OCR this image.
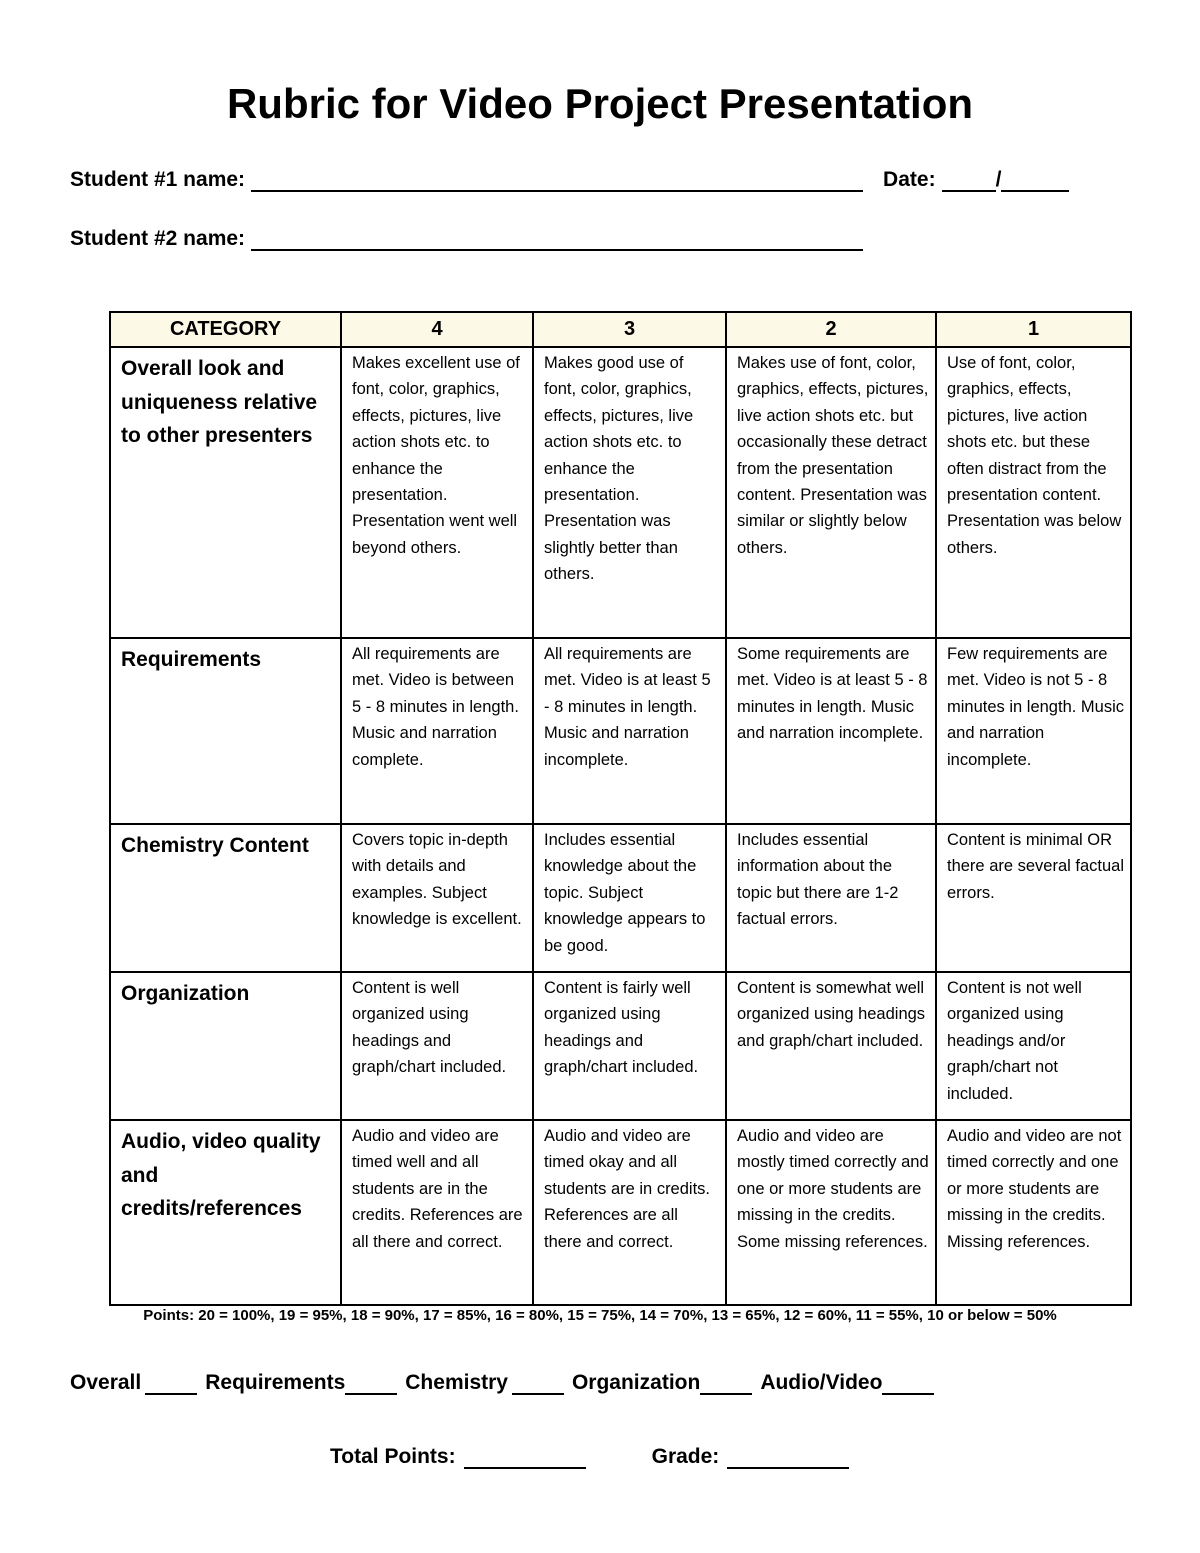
Rubric for Video Project Presentation
Student #1 name:	Date:	/
Student #2 name:
CATEGORY	4	3	2	1
Overall look and uniqueness relative to other presenters	Makes excellent use of font, color, graphics, effects, pictures, live action shots etc. to enhance the presentation. Presentation went well beyond others.	Makes good use of font, color, graphics, effects, pictures, live action shots etc. to enhance the presentation. Presentation was slightly better than others.	Makes use of font, color, graphics, effects, pictures, live action shots etc. but occasionally these detract from the presentation content. Presentation was similar or slightly below others.	Use of font, color, graphics, effects, pictures, live action shots etc. but these often distract from the presentation content. Presentation was below others.
Requirements	All requirements are met. Video is between 5 - 8 minutes in length. Music and narration complete.	All requirements are met. Video is at least 5 - 8 minutes in length. Music and narration incomplete.	Some requirements are met. Video is at least 5 - 8 minutes in length. Music and narration incomplete.	Few requirements are met. Video is not 5 - 8 minutes in length. Music and narration incomplete.
Chemistry Content	Covers topic in-depth with details and examples. Subject knowledge is excellent.	Includes essential knowledge about the topic. Subject knowledge appears to be good.	Includes essential information about the topic but there are 1-2 factual errors.	Content is minimal OR there are several factual errors.
Organization	Content is well organized using headings and graph/chart included.	Content is fairly well organized using headings and graph/chart included.	Content is somewhat well organized using headings and graph/chart included.	Content is not well organized using headings and/or graph/chart not included.
Audio, video quality and credits/references	Audio and video are timed well and all students are in the credits. References are all there and correct.	Audio and video are timed okay and all students are in credits. References are all there and correct.	Audio and video are mostly timed correctly and one or more students are missing in the credits. Some missing references.	Audio and video are not timed correctly and one or more students are missing in the credits. Missing references.
Points: 20 = 100%, 19 = 95%, 18 = 90%, 17 = 85%, 16 = 80%, 15 = 75%, 14 = 70%, 13 = 65%, 12 = 60%, 11 = 55%, 10 or below = 50%
Overall	Requirements	Chemistry	Organization	Audio/Video
Total Points:	Grade:
